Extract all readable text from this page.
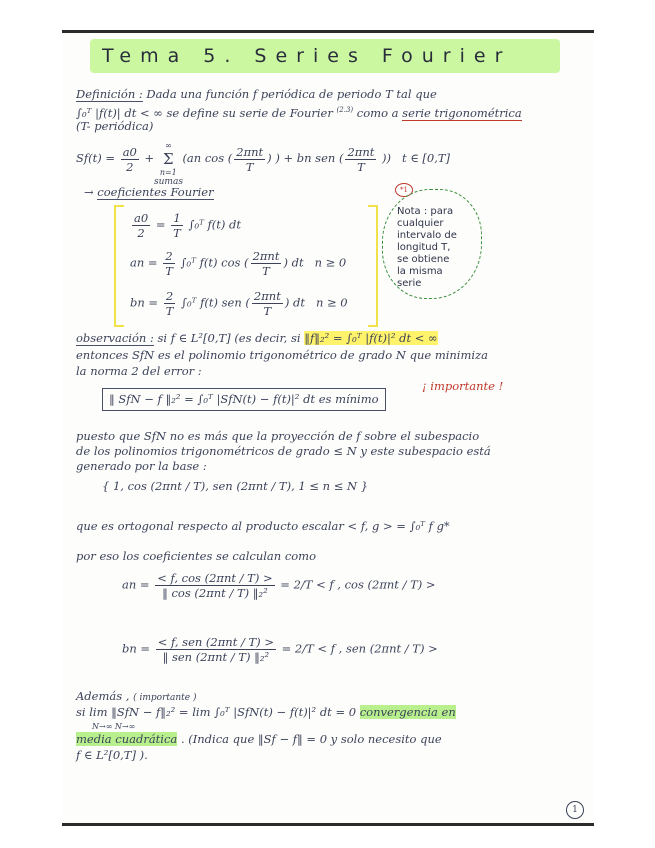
Tema 5. Series Fourier
Definición : Dada una función f periódica de periodo T tal que
∫₀ᵀ |f(t)| dt < ∞ se define su serie de Fourier $^{(2.3)}$ como a serie trigonométrica
(T- periódica)
$Sf(t) = \frac{a0}{2}$ +
∞
Σ
n=1
(an cos ( $\frac{\text{2πnt}}{T}$ ) ) + bn sen ( $\frac{\text{2πnt}}{T}$ )) t ∈ [0,T]
sumas
→ coeficientes Fourier
$\frac{a0}{2} = \frac{1}{T}$ ∫₀ᵀ f(t) dt
an = $\frac{2}{T}$ ∫₀ᵀ f(t) cos ( $\frac{\text{2πnt}}{T}$ ) dt n ≥ 0
bn = $\frac{2}{T}$ ∫₀ᵀ f(t) sen ( $\frac{\text{2πnt}}{T}$ ) dt n ≥ 0
*1
Nota : para
cualquier
intervalo de
longitud T,
se obtiene
la misma
serie
observación : si f ∈ L²[0,T] (es decir, si ‖f‖₂² = ∫₀ᵀ |f(t)|² dt < ∞
entonces SfN es el polinomio trigonométrico de grado N que minimiza
la norma 2 del error :
‖ SfN − f ‖₂² = ∫₀ᵀ |SfN(t) − f(t)|² dt es mínimo
¡ importante !
puesto que SfN no es más que la proyección de f sobre el subespacio
de los polinomios trigonométricos de grado ≤ N y este subespacio está
generado por la base :
{ 1, cos (2πnt / T), sen (2πnt / T), 1 ≤ n ≤ N }
que es ortogonal respecto al producto escalar < f, g > = ∫₀ᵀ f g*
por eso los coeficientes se calculan como
an = $\frac{\text{< f, cos (2πnt / T) >}}{\text{‖ cos (2πnt / T) ‖₂²}} = 2/T < f$ , cos (2πnt / T) >
bn = $\frac{\text{< f, sen (2πnt / T) >}}{\text{‖ sen (2πnt / T) ‖₂²}} = 2/T < f$ , sen (2πnt / T) >
Además , ( importante )
si lim ‖SfN − f‖₂² = lim ∫₀ᵀ |SfN(t) − f(t)|² dt = 0 convergencia en
N→∞ N→∞
media cuadrática . (Indica que ‖Sf − f‖ = 0 y solo necesito que
f ∈ L²[0,T] ).
1
